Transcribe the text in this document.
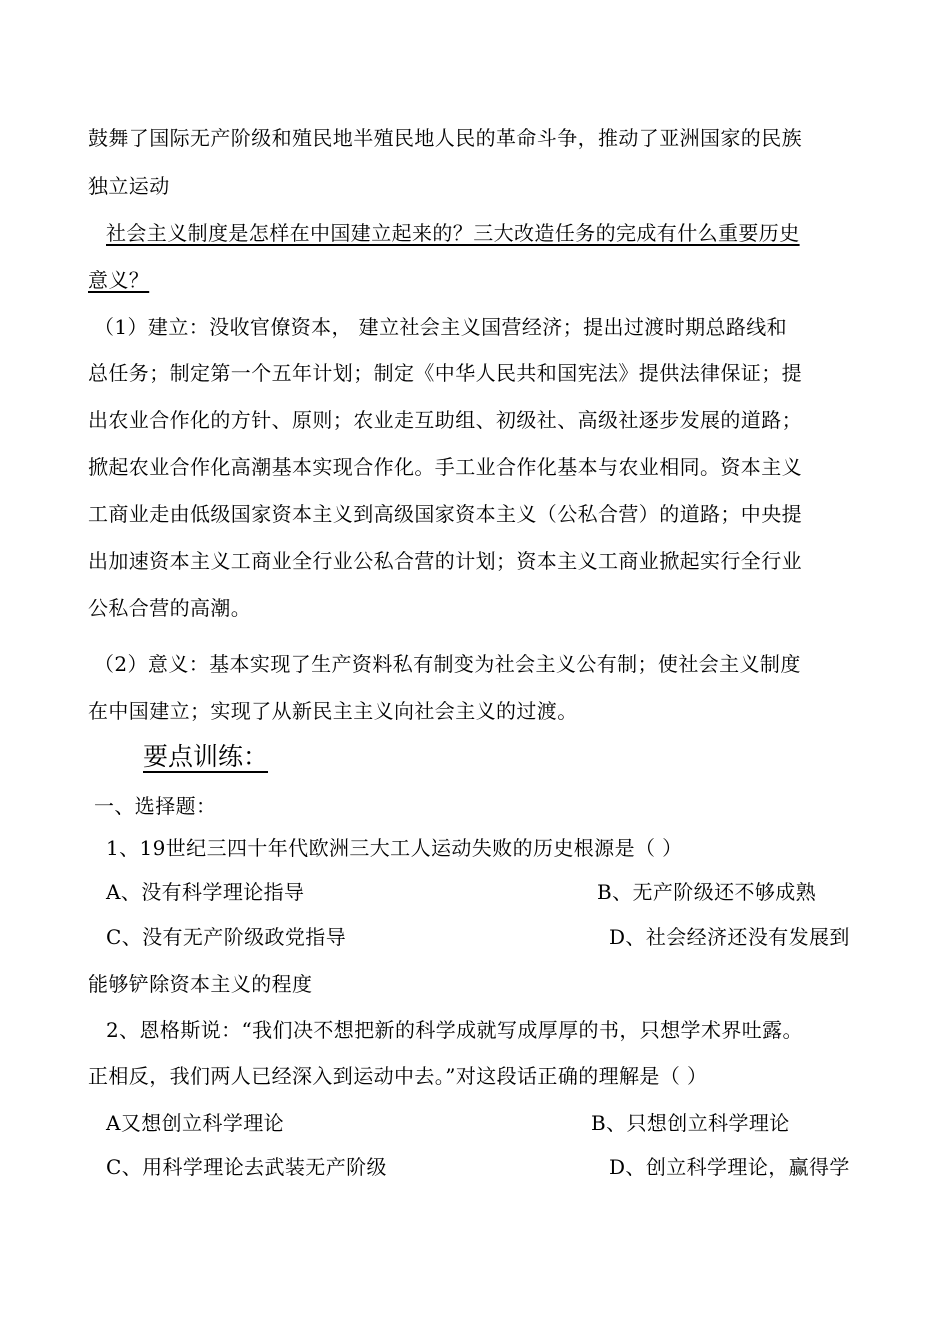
鼓舞了国际无产阶级和殖民地半殖民地人民的革命斗争，推动了亚洲国家的民族
独立运动
社会主义制度是怎样在中国建立起来的？三大改造任务的完成有什么重要历史
意义？
（1）建立：没收官僚资本， 建立社会主义国营经济；提出过渡时期总路线和
总任务；制定第一个五年计划；制定《中华人民共和国宪法》提供法律保证；提
出农业合作化的方针、原则；农业走互助组、初级社、高级社逐步发展的道路；
掀起农业合作化高潮基本实现合作化。手工业合作化基本与农业相同。资本主义
工商业走由低级国家资本主义到高级国家资本主义（公私合营）的道路；中央提
出加速资本主义工商业全行业公私合营的计划；资本主义工商业掀起实行全行业
公私合营的高潮。
（2）意义：基本实现了生产资料私有制变为社会主义公有制；使社会主义制度
在中国建立；实现了从新民主主义向社会主义的过渡。
要点训练：
一、选择题：
1、19世纪三四十年代欧洲三大工人运动失败的历史根源是（ ）
A、没有科学理论指导	B、无产阶级还不够成熟
C、没有无产阶级政党指导	D、社会经济还没有发展到
能够铲除资本主义的程度
2、恩格斯说：“我们决不想把新的科学成就写成厚厚的书，只想学术界吐露。
正相反，我们两人已经深入到运动中去。”对这段话正确的理解是（ ）
A又想创立科学理论	B、只想创立科学理论
C、用科学理论去武装无产阶级	D、创立科学理论，赢得学
